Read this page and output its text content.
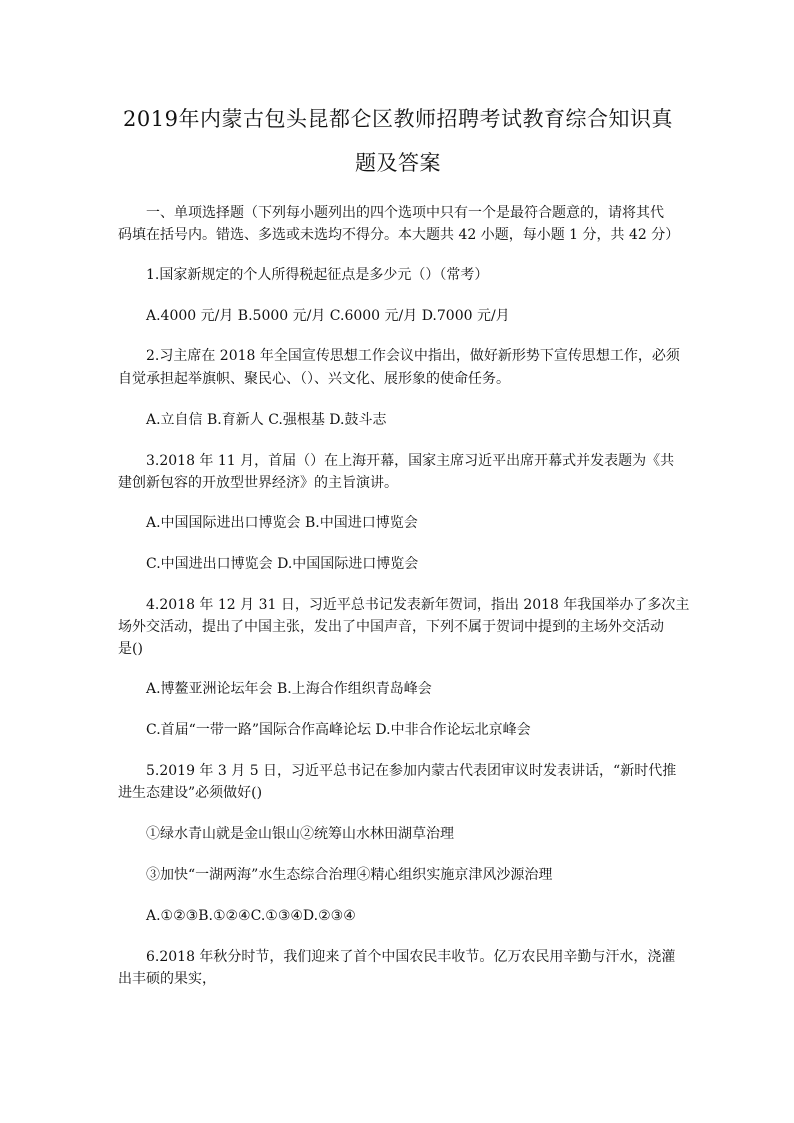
2019年内蒙古包头昆都仑区教师招聘考试教育综合知识真
题及答案

一、单项选择题（下列每小题列出的四个选项中只有一个是最符合题意的，请将其代

码填在括号内。错选、多选或未选均不得分。本大题共 42 小题，每小题 1 分，共 42 分）

1.国家新规定的个人所得税起征点是多少元（）（常考）

A.4000 元/月 B.5000 元/月 C.6000 元/月 D.7000 元/月

2.习主席在 2018 年全国宣传思想工作会议中指出，做好新形势下宣传思想工作，必须

自觉承担起举旗帜、聚民心、（）、兴文化、展形象的使命任务。

A.立自信 B.育新人 C.强根基 D.鼓斗志

3.2018 年 11 月，首届（）在上海开幕，国家主席习近平出席开幕式并发表题为《共

建创新包容的开放型世界经济》的主旨演讲。

A.中国国际进出口博览会 B.中国进口博览会

C.中国进出口博览会 D.中国国际进口博览会

4.2018 年 12 月 31 日，习近平总书记发表新年贺词，指出 2018 年我国举办了多次主

场外交活动，提出了中国主张，发出了中国声音，下列不属于贺词中提到的主场外交活动

是()

A.博鳌亚洲论坛年会 B.上海合作组织青岛峰会

C.首届“一带一路”国际合作高峰论坛 D.中非合作论坛北京峰会

5.2019 年 3 月 5 日，习近平总书记在参加内蒙古代表团审议时发表讲话，“新时代推

进生态建设”必须做好()

①绿水青山就是金山银山②统筹山水林田湖草治理

③加快“一湖两海”水生态综合治理④精心组织实施京津风沙源治理

A.①②③B.①②④C.①③④D.②③④

6.2018 年秋分时节，我们迎来了首个中国农民丰收节。亿万农民用辛勤与汗水，浇灌

出丰硕的果实，
